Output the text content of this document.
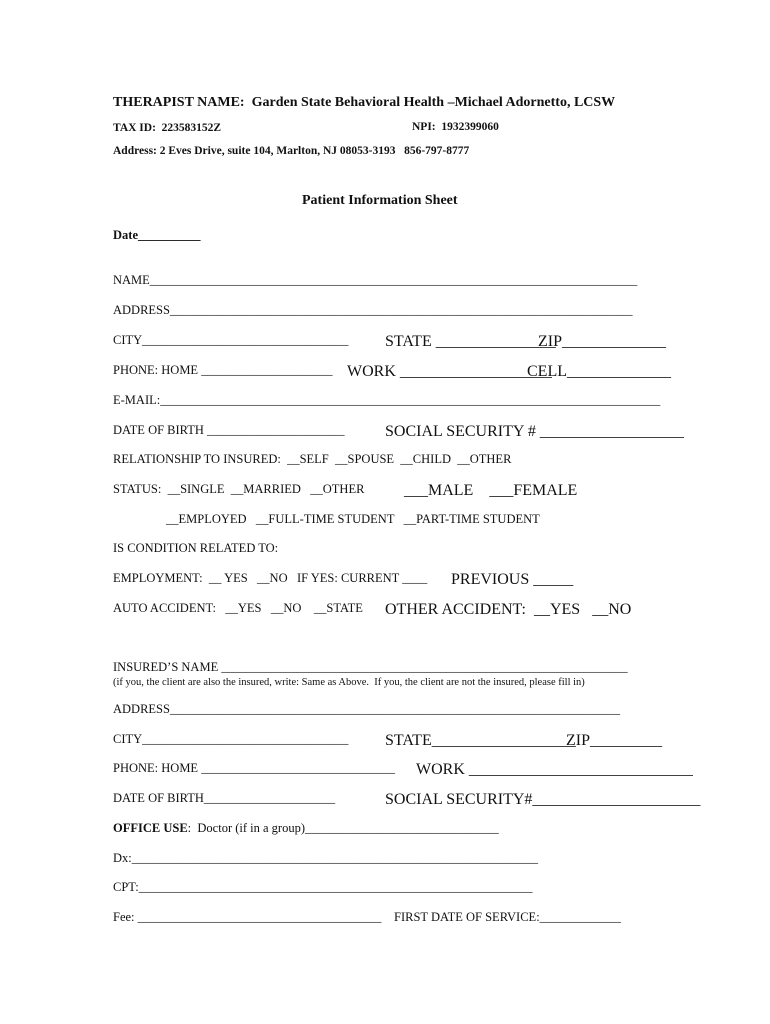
THERAPIST NAME:  Garden State Behavioral Health –Michael Adornetto, LCSW
TAX ID:  223583152Z	NPI:  1932399060
Address: 2 Eves Drive, suite 104, Marlton, NJ 08053-3193   856-797-8777
Patient Information Sheet
Date__________
NAME______________________________________________________________________________
ADDRESS__________________________________________________________________________
CITY_________________________________ STATE _______________
ZIP_____________
PHONE: HOME _____________________ WORK ___________________
CELL_____________
E-MAIL:________________________________________________________________________________
DATE OF BIRTH ______________________	SOCIAL SECURITY # __________________
RELATIONSHIP TO INSURED:  __SELF  __SPOUSE  __CHILD  __OTHER
STATUS:  __SINGLE  __MARRIED   __OTHER ___MALE    ___FEMALE
__EMPLOYED   __FULL-TIME STUDENT   __PART-TIME STUDENT
IS CONDITION RELATED TO:
EMPLOYMENT:  __ YES   __NO   IF YES: CURRENT ____ PREVIOUS _____
AUTO ACCIDENT:   __YES   __NO    __STATE OTHER ACCIDENT:  __YES   __NO
INSURED’S NAME _________________________________________________________________
(if you, the client are also the insured, write: Same as Above.  If you, the client are not the insured, please fill in)
ADDRESS________________________________________________________________________
CITY_________________________________ STATE__________________
ZIP_________
PHONE: HOME _______________________________ WORK ____________________________
DATE OF BIRTH_____________________	SOCIAL SECURITY#_____________________
OFFICE USE:  Doctor (if in a group)_______________________________
Dx:_________________________________________________________________
CPT:_______________________________________________________________
Fee: _______________________________________ FIRST DATE OF SERVICE:_____________
